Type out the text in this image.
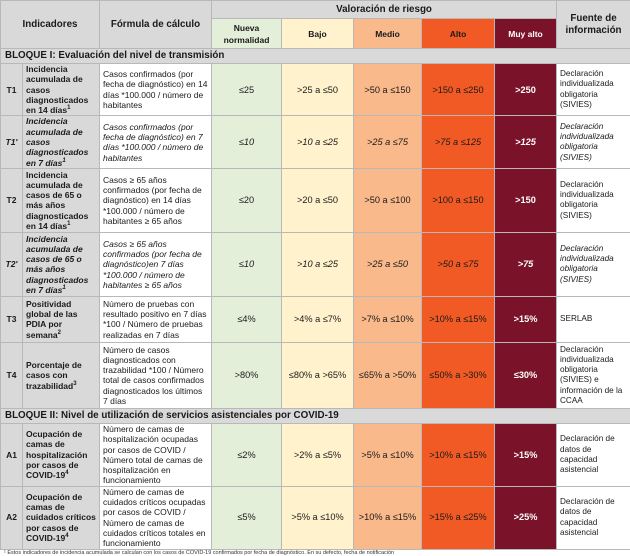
Indicadores		Fórmula de cálculo	Valoración de riesgo					Fuente de información
			Nueva normalidad	Bajo	Medio	Alto	Muy alto	
BLOQUE I: Evaluación del nivel de transmisión								
T1	Incidencia acumulada de casos diagnosticados en 14 días$^1$	Casos confirmados (por fecha de diagnóstico) en 14 días *100.000 / número de habitantes	≤25	>25 a ≤50	>50 a ≤150	>150 a ≤250	>250	Declaración individualizada obligatoria (SIVIES)
T1'	Incidencia acumulada de casos diagnosticados en 7 días$^1$	Casos confirmados (por fecha de diagnóstico) en 7 días *100.000 / número de habitantes	≤10	>10 a ≤25	>25 a ≤75	>75 a ≤125	>125	Declaración individualizada obligatoria (SIVIES)
T2	Incidencia acumulada de casos de 65 o más años diagnosticados en 14 días$^1$	Casos ≥ 65 años confirmados (por fecha de diagnóstico) en 14 días *100.000 / número de habitantes ≥ 65 años	≤20	>20 a ≤50	>50 a ≤100	>100 a ≤150	>150	Declaración individualizada obligatoria (SIVIES)
T2'	Incidencia acumulada de casos de 65 o más años diagnosticados en 7 días$^1$	Casos ≥ 65 años confirmados (por fecha de diagnóstico)en 7 días *100.000 / número de habitantes ≥ 65 años	≤10	>10 a ≤25	>25 a ≤50	>50 a ≤75	>75	Declaración individualizada obligatoria (SIVIES)
T3	Positividad global de las PDIA por semana$^2$	Número de pruebas con resultado positivo en 7 días *100 / Número de pruebas realizadas en 7 días	≤4%	>4% a ≤7%	>7% a ≤10%	>10% a ≤15%	>15%	SERLAB
T4	Porcentaje de casos con trazabilidad$^3$	Número de casos diagnosticados con trazabilidad *100 / Número total de casos confirmados diagnosticados los últimos 7 días	>80%	≤80% a >65%	≤65% a >50%	≤50% a >30%	≤30%	Declaración individualizada obligatoria (SIVIES) e información de la CCAA
BLOQUE II: Nivel de utilización de servicios asistenciales por COVID-19								
A1	Ocupación de camas de hospitalización por casos de COVID-$19^4$	Número de camas de hospitalización ocupadas por casos de COVID / Número total de camas de hospitalización en funcionamiento	≤2%	>2% a ≤5%	>5% a ≤10%	>10% a ≤15%	>15%	Declaración de datos de capacidad asistencial
A2	Ocupación de camas de cuidados críticos por casos de COVID-$19^4$	Número de camas de cuidados críticos ocupadas por casos de COVID / Número de camas de cuidados críticos totales en funcionamiento	≤5%	>5% a ≤10%	>10% a ≤15%	>15% a ≤25%	>25%	Declaración de datos de capacidad asistencial
¹ Estos indicadores de incidencia acumulada se calculan con los casos de COVID-19 confirmados por fecha de diagnóstico. En su defecto, fecha de notificación
